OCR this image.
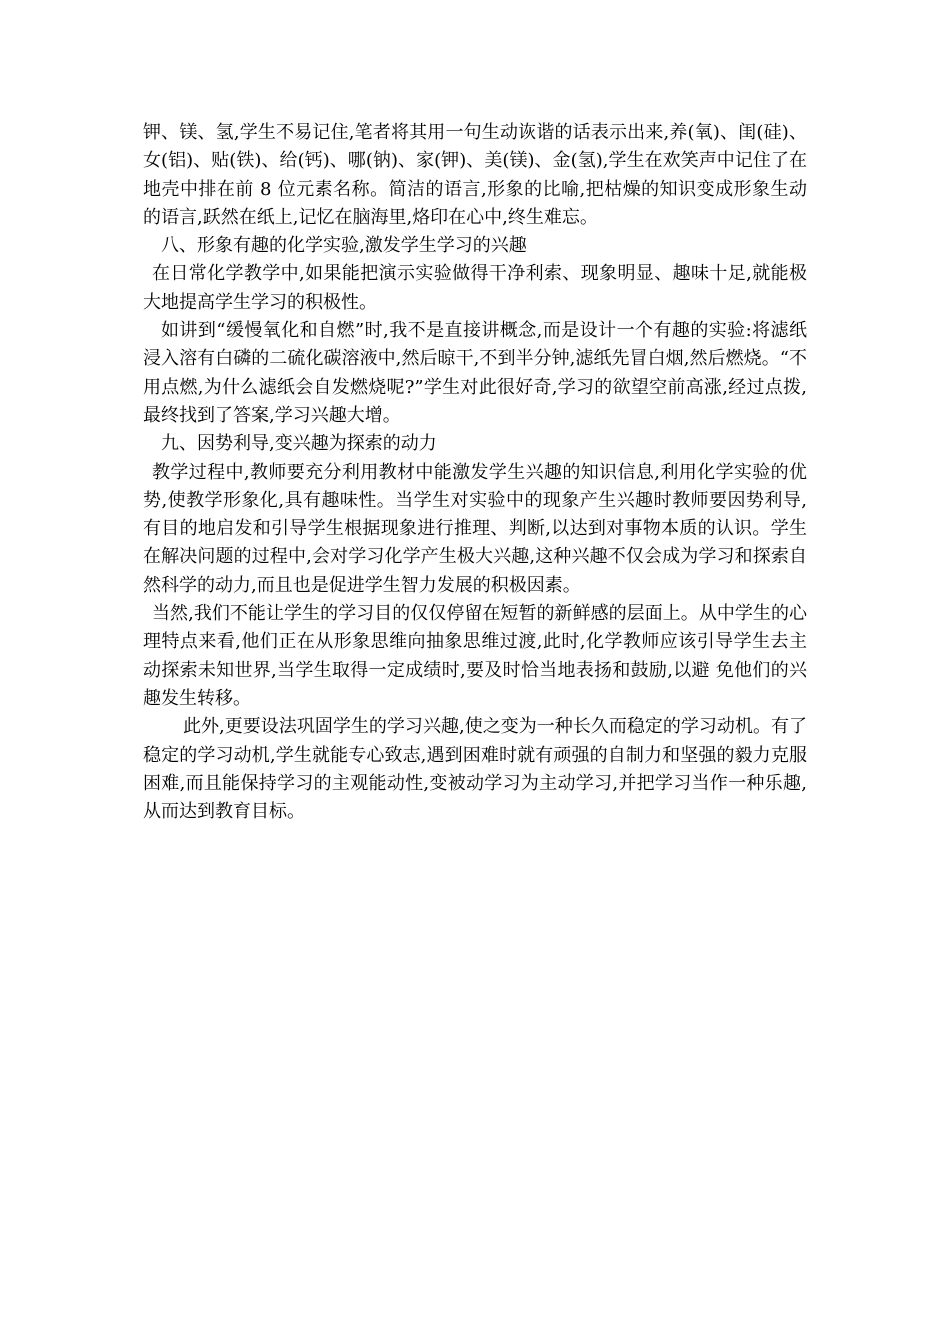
钾、镁、氢,学生不易记住,笔者将其用一句生动诙谐的话表示出来,养(氧)、闺(硅)、女(铝)、贴(铁)、给(钙)、哪(钠)、家(钾)、美(镁)、金(氢),学生在欢笑声中记住了在地壳中排在前 8 位元素名称。简洁的语言,形象的比喻,把枯燥的知识变成形象生动的语言,跃然在纸上,记忆在脑海里,烙印在心中,终生难忘。

八、形象有趣的化学实验,激发学生学习的兴趣

在日常化学教学中,如果能把演示实验做得干净利索、现象明显、趣味十足,就能极大地提高学生学习的积极性。

如讲到“缓慢氧化和自燃”时,我不是直接讲概念,而是设计一个有趣的实验:将滤纸浸入溶有白磷的二硫化碳溶液中,然后晾干,不到半分钟,滤纸先冒白烟,然后燃烧。“不用点燃,为什么滤纸会自发燃烧呢?”学生对此很好奇,学习的欲望空前高涨,经过点拨,最终找到了答案,学习兴趣大增。

九、因势利导,变兴趣为探索的动力

教学过程中,教师要充分利用教材中能激发学生兴趣的知识信息,利用化学实验的优势,使教学形象化,具有趣味性。当学生对实验中的现象产生兴趣时教师要因势利导,有目的地启发和引导学生根据现象进行推理、判断,以达到对事物本质的认识。学生在解决问题的过程中,会对学习化学产生极大兴趣,这种兴趣不仅会成为学习和探索自然科学的动力,而且也是促进学生智力发展的积极因素。

当然,我们不能让学生的学习目的仅仅停留在短暂的新鲜感的层面上。从中学生的心理特点来看,他们正在从形象思维向抽象思维过渡,此时,化学教师应该引导学生去主动探索未知世界,当学生取得一定成绩时,要及时恰当地表扬和鼓励,以避 免他们的兴趣发生转移。

此外,更要设法巩固学生的学习兴趣,使之变为一种长久而稳定的学习动机。有了稳定的学习动机,学生就能专心致志,遇到困难时就有顽强的自制力和坚强的毅力克服困难,而且能保持学习的主观能动性,变被动学习为主动学习,并把学习当作一种乐趣,从而达到教育目标。
